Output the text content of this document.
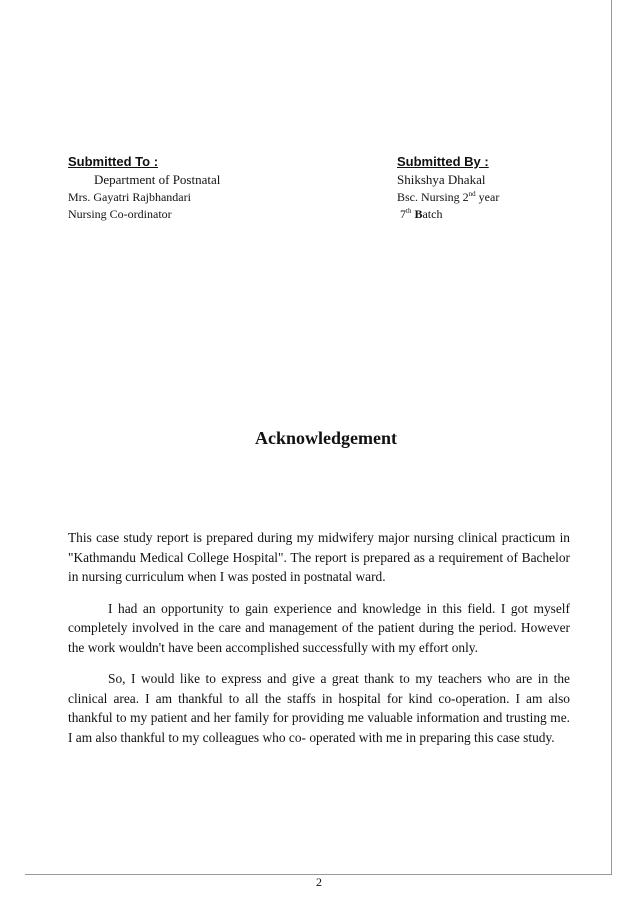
Submitted To :
Department of Postnatal
Mrs. Gayatri Rajbhandari
Nursing Co-ordinator
Submitted By :
Shikshya Dhakal
Bsc. Nursing 2nd year
7th Batch
Acknowledgement

This case study report is prepared during my midwifery major nursing clinical practicum in "Kathmandu Medical College Hospital". The report is prepared as a requirement of Bachelor in nursing curriculum when I was posted in postnatal ward.

I had an opportunity to gain experience and knowledge in this field. I got myself completely involved in the care and management of the patient during the period. However the work wouldn't have been accomplished successfully with my effort only.

So, I would like to express and give a great thank to my teachers who are in the clinical area. I am thankful to all the staffs in hospital for kind co-operation. I am also thankful to my patient and her family for providing me valuable information and trusting me. I am also thankful to my colleagues who co- operated with me in preparing this case study.

2
